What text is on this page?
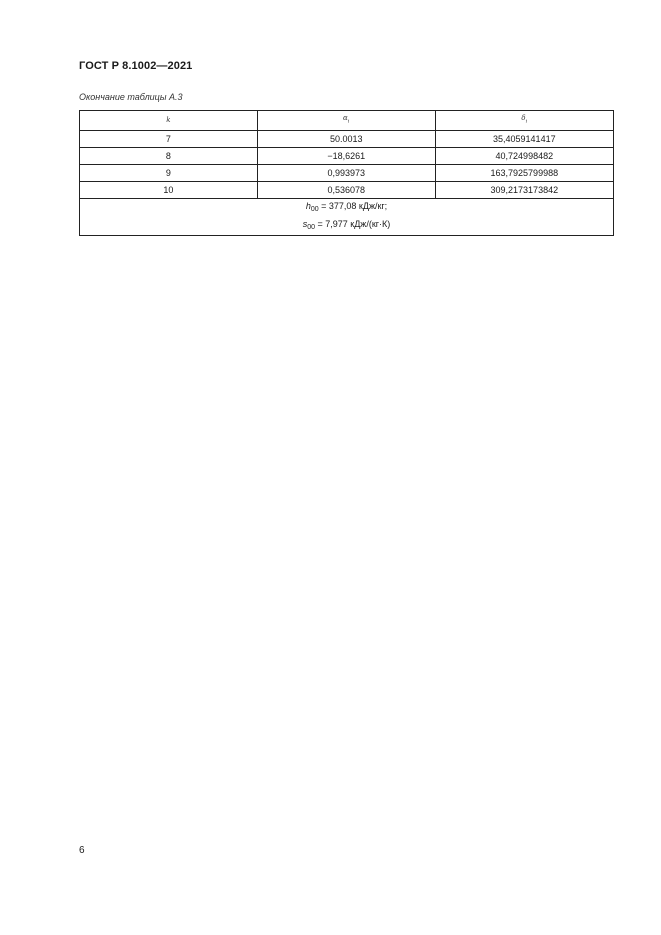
ГОСТ Р 8.1002—2021
Окончание таблицы А.3
k	$\alpha_i$	$\delta_i$
7	50.0013	35,4059141417
8	−18,6261	40,724998482
9	0,993973	163,7925799988
10	0,536078	309,2173173842

$h_{00} = 377,08$ кДж/кг;
$s_{00} = 7,977$ кДж/(кг·К)		
6
